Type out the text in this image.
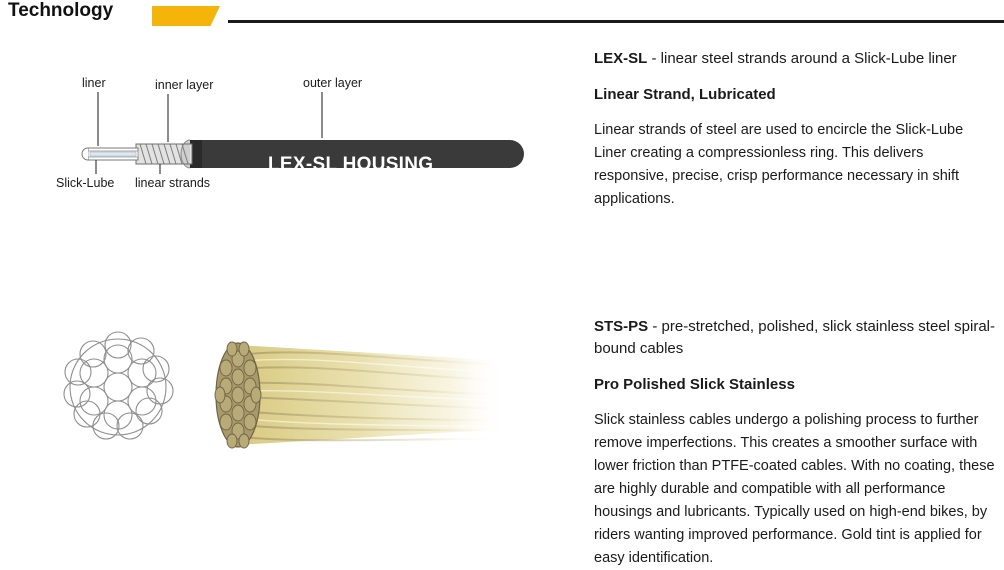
Technology
liner	inner layer	outer layer
Slick-Lube linear strands
LEX-SL HOUSING

LEX-SL - linear steel strands around a Slick-Lube liner

Linear Strand, Lubricated

Linear strands of steel are used to encircle the Slick-Lube Liner creating a compressionless ring. This delivers responsive, precise, crisp performance necessary in shift applications.

STS-PS - pre-stretched, polished, slick stainless steel spiral-bound cables

Pro Polished Slick Stainless

Slick stainless cables undergo a polishing process to further remove imperfections. This creates a smoother surface with lower friction than PTFE-coated cables. With no coating, these are highly durable and compatible with all performance housings and lubricants. Typically used on high-end bikes, by riders wanting improved performance. Gold tint is applied for easy identification.
